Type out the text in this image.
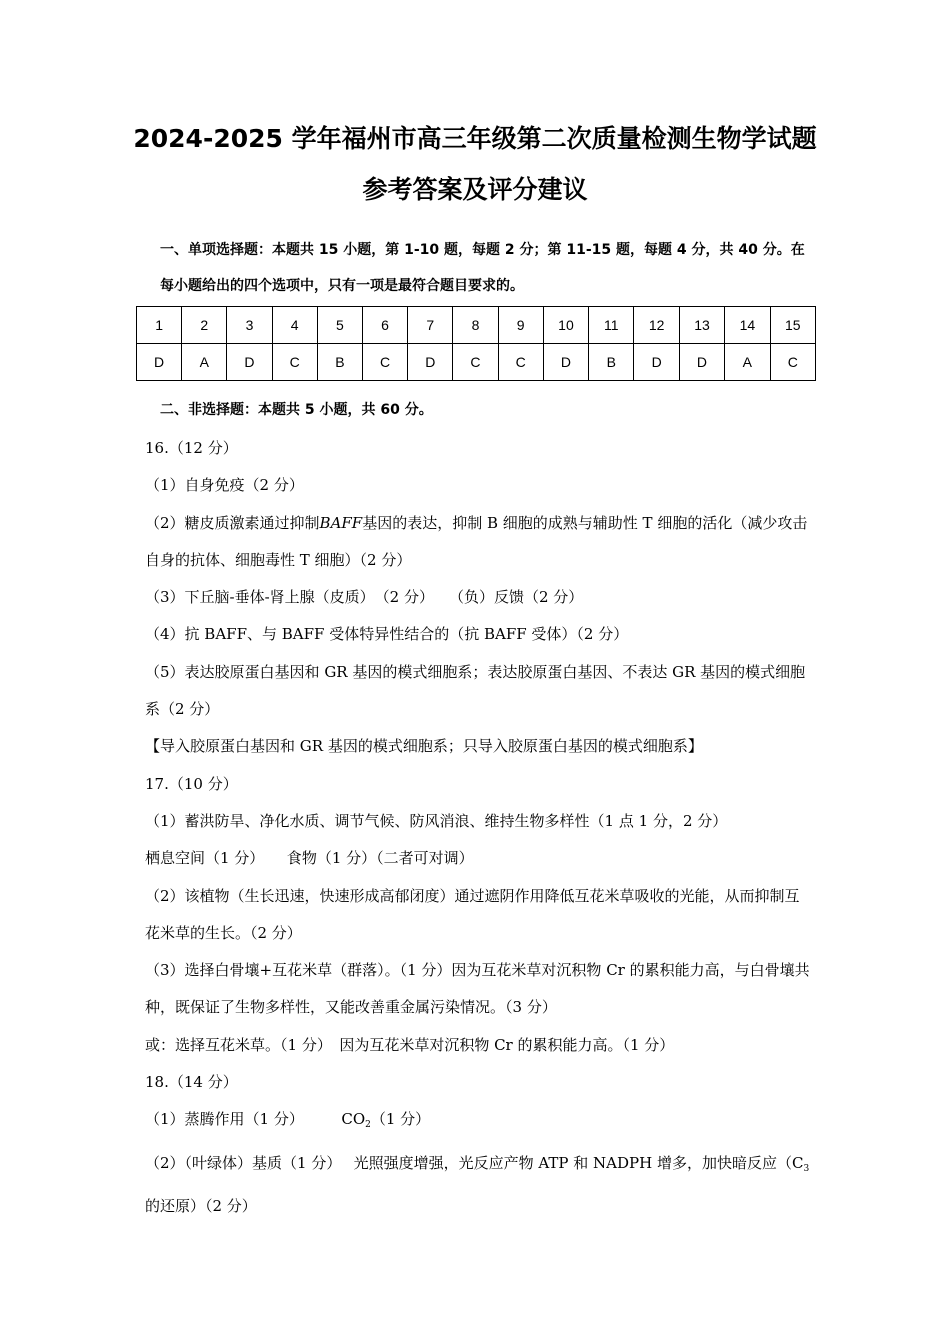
2024-2025 学年福州市高三年级第二次质量检测生物学试题
参考答案及评分建议
一、单项选择题：本题共 15 小题，第 1-10 题，每题 2 分；第 11-15 题，每题 4 分，共 40 分。在每小题给出的四个选项中，只有一项是最符合题目要求的。
1	2	3	4	5	6	7	8	9	10	11	12	13	14	15
D	A	D	C	B	C	D	C	C	D	B	D	D	A	C
二、非选择题：本题共 5 小题，共 60 分。

16.（12 分）

（1）自身免疫（2 分）

（2）糖皮质激素通过抑制BAFF基因的表达，抑制 B 细胞的成熟与辅助性 T 细胞的活化（减少攻击自身的抗体、细胞毒性 T 细胞）（2 分）

（3）下丘脑-垂体-肾上腺（皮质）　（2 分）　　（负）反馈（2 分）

（4）抗 BAFF、与 BAFF 受体特异性结合的（抗 BAFF 受体）（2 分）

（5）表达胶原蛋白基因和 GR 基因的模式细胞系；表达胶原蛋白基因、不表达 GR 基因的模式细胞系（2 分）

【导入胶原蛋白基因和 GR 基因的模式细胞系；只导入胶原蛋白基因的模式细胞系】

17.（10 分）

（1）蓄洪防旱、净化水质、调节气候、防风消浪、维持生物多样性（1 点 1 分，2 分）

栖息空间（1 分）　　食物（1 分）（二者可对调）

（2）该植物（生长迅速，快速形成高郁闭度）通过遮阴作用降低互花米草吸收的光能，从而抑制互花米草的生长。（2 分）

（3）选择白骨壤+互花米草（群落）。（1 分）因为互花米草对沉积物 Cr 的累积能力高，与白骨壤共种，既保证了生物多样性，又能改善重金属污染情况。（3 分）

或：选择互花米草。（1 分）　因为互花米草对沉积物 Cr 的累积能力高。（1 分）

18.（14 分）

（1）蒸腾作用（1 分）　　　$CO_2(1$ 分）

（2）（叶绿体）基质（1 分）　 光照强度增强，光反应产物 ATP 和 NADPH 增多，加快暗反应（$C_3$的还原）（2 分）
